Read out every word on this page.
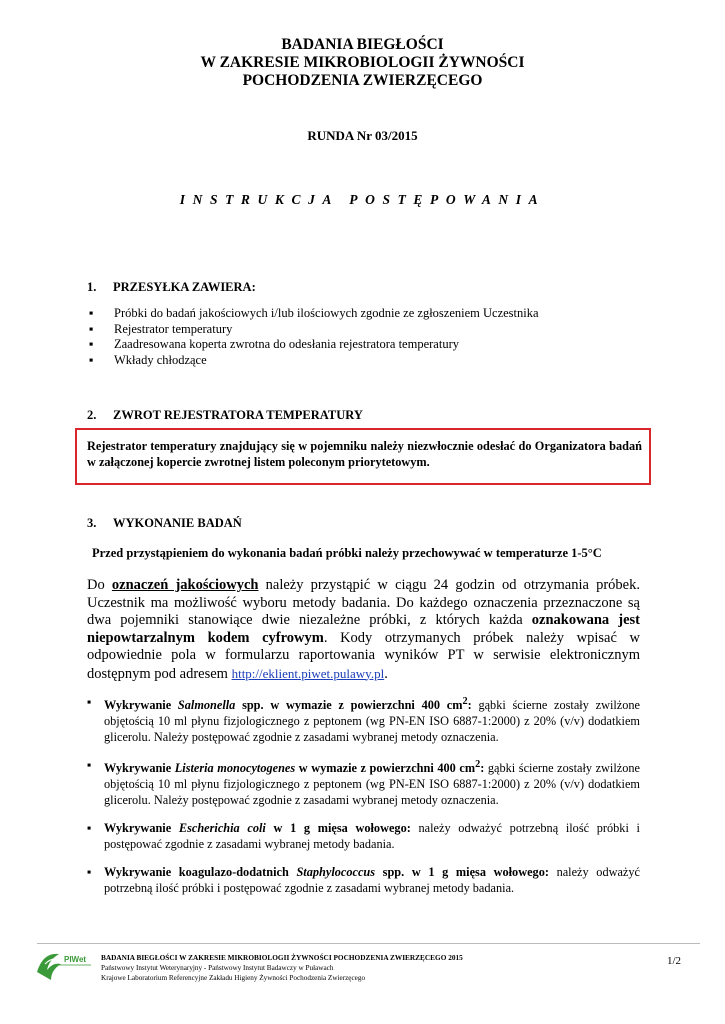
BADANIA BIEGŁOŚCI
W ZAKRESIE MIKROBIOLOGII ŻYWNOŚCI
POCHODZENIA ZWIERZĘCEGO
RUNDA Nr 03/2015
INSTRUKCJA POSTĘPOWANIA
1. PRZESYŁKA ZAWIERA:
▪ Próbki do badań jakościowych i/lub ilościowych zgodnie ze zgłoszeniem Uczestnika
▪ Rejestrator temperatury
▪ Zaadresowana koperta zwrotna do odesłania rejestratora temperatury
▪ Wkłady chłodzące
2. ZWROT REJESTRATORA TEMPERATURY
Rejestrator temperatury znajdujący się w pojemniku należy niezwłocznie odesłać do Organizatora badań w załączonej kopercie zwrotnej listem poleconym priorytetowym.
3. WYKONANIE BADAŃ
Przed przystąpieniem do wykonania badań próbki należy przechowywać w temperaturze 1-5°C
Do oznaczeń jakościowych należy przystąpić w ciągu 24 godzin od otrzymania próbek. Uczestnik ma możliwość wyboru metody badania. Do każdego oznaczenia przeznaczone są dwa pojemniki stanowiące dwie niezależne próbki, z których każda oznakowana jest niepowtarzalnym kodem cyfrowym. Kody otrzymanych próbek należy wpisać w odpowiednie pola w formularzu raportowania wyników PT w serwisie elektronicznym dostępnym pod adresem http://eklient.piwet.pulawy.pl.
▪	Wykrywanie Salmonella spp. w wymazie z powierzchni 400 $cm^2$: gąbki ścierne zostały zwilżone objętością 10 ml płynu fizjologicznego z peptonem (wg PN-EN ISO 6887-1:2000) z 20% (v/v) dodatkiem glicerolu. Należy postępować zgodnie z zasadami wybranej metody oznaczenia.
▪	Wykrywanie Listeria monocytogenes w wymazie z powierzchni 400 $cm^2$: gąbki ścierne zostały zwilżone objętością 10 ml płynu fizjologicznego z peptonem (wg PN-EN ISO 6887-1:2000) z 20% (v/v) dodatkiem glicerolu. Należy postępować zgodnie z zasadami wybranej metody oznaczenia.
▪	Wykrywanie Escherichia coli w 1 g mięsa wołowego: należy odważyć potrzebną ilość próbki i postępować zgodnie z zasadami wybranej metody badania.
▪	Wykrywanie koagulazo-dodatnich Staphylococcus spp. w 1 g mięsa wołowego: należy odważyć potrzebną ilość próbki i postępować zgodnie z zasadami wybranej metody badania.
PIWet BADANIA BIEGŁOŚCI W ZAKRESIE MIKROBIOLOGII ŻYWNOŚCI POCHODZENIA ZWIERZĘCEGO 2015
Państwowy Instytut Weterynaryjny - Państwowy Instytut Badawczy w Puławach
Krajowe Laboratorium Referencyjne Zakładu Higieny Żywności Pochodzenia Zwierzęcego
1/2
